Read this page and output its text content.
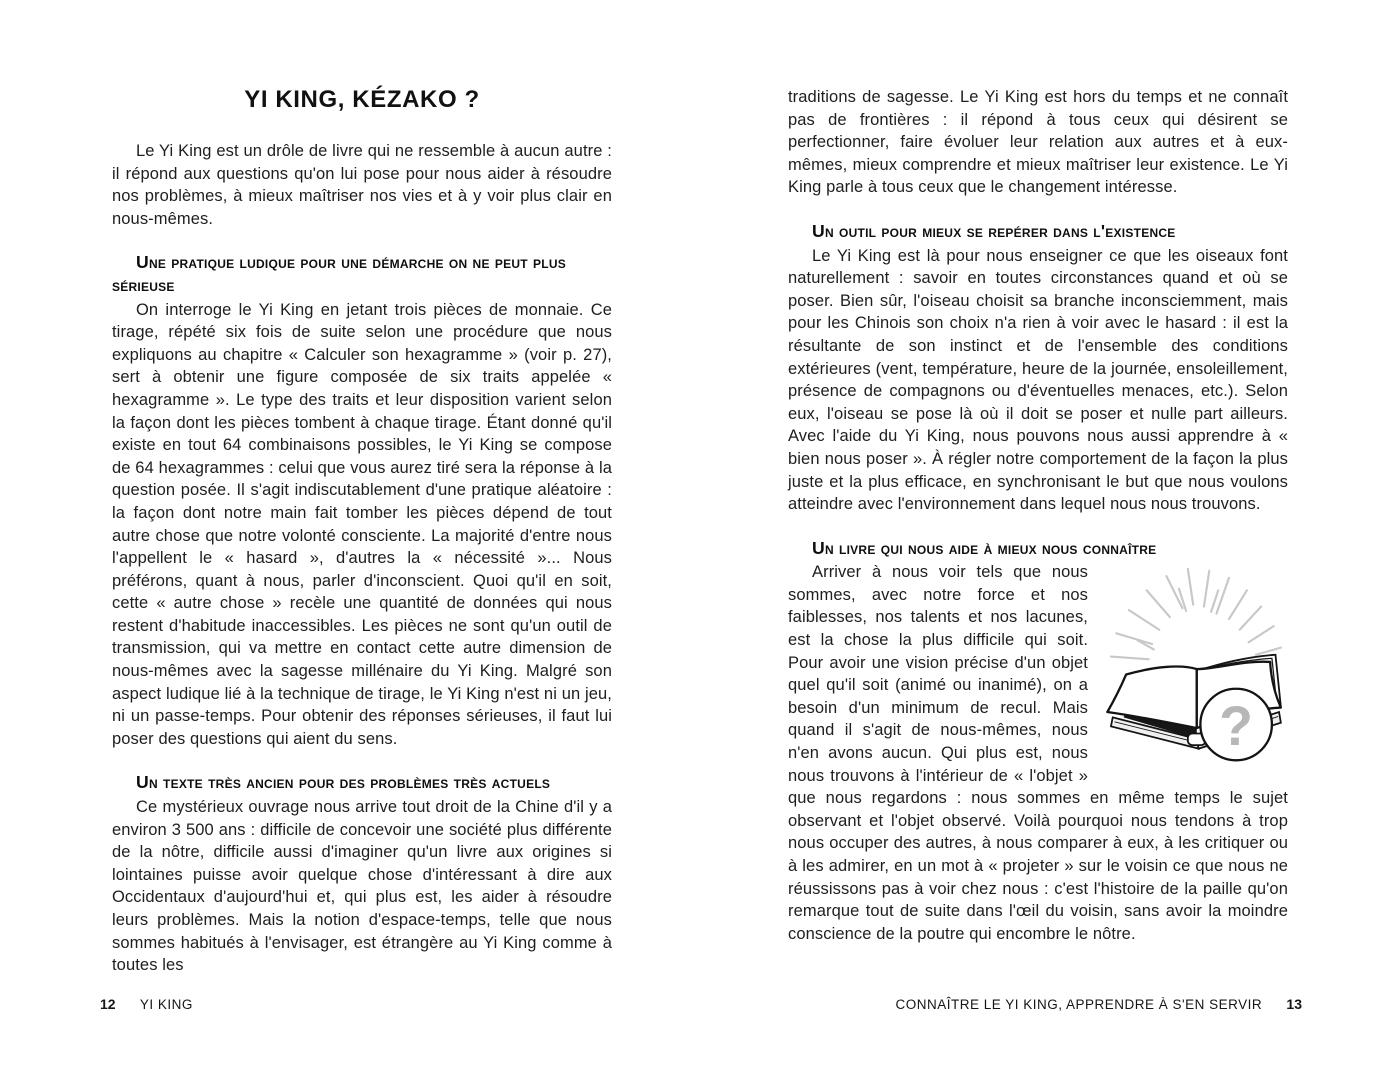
YI KING, KÉZAKO ?

Le Yi King est un drôle de livre qui ne ressemble à aucun autre : il répond aux questions qu'on lui pose pour nous aider à résoudre nos problèmes, à mieux maîtriser nos vies et à y voir plus clair en nous-mêmes.

Une pratique ludique pour une démarche on ne peut plus sérieuse

On interroge le Yi King en jetant trois pièces de monnaie. Ce tirage, répété six fois de suite selon une procédure que nous expliquons au chapitre « Calculer son hexagramme » (voir p. 27), sert à obtenir une figure composée de six traits appelée « hexagramme ». Le type des traits et leur disposition varient selon la façon dont les pièces tombent à chaque tirage. Étant donné qu'il existe en tout 64 combinaisons possibles, le Yi King se compose de 64 hexagrammes : celui que vous aurez tiré sera la réponse à la question posée. Il s'agit indiscutablement d'une pratique aléatoire : la façon dont notre main fait tomber les pièces dépend de tout autre chose que notre volonté consciente. La majorité d'entre nous l'appellent le « hasard », d'autres la « nécessité »... Nous préférons, quant à nous, parler d'inconscient. Quoi qu'il en soit, cette « autre chose » recèle une quantité de données qui nous restent d'habitude inaccessibles. Les pièces ne sont qu'un outil de transmission, qui va mettre en contact cette autre dimension de nous-mêmes avec la sagesse millénaire du Yi King. Malgré son aspect ludique lié à la technique de tirage, le Yi King n'est ni un jeu, ni un passe-temps. Pour obtenir des réponses sérieuses, il faut lui poser des questions qui aient du sens.

Un texte très ancien pour des problèmes très actuels

Ce mystérieux ouvrage nous arrive tout droit de la Chine d'il y a environ 3 500 ans : difficile de concevoir une société plus différente de la nôtre, difficile aussi d'imaginer qu'un livre aux origines si lointaines puisse avoir quelque chose d'intéressant à dire aux Occidentaux d'aujourd'hui et, qui plus est, les aider à résoudre leurs problèmes. Mais la notion d'espace-temps, telle que nous sommes habitués à l'envisager, est étrangère au Yi King comme à toutes les

traditions de sagesse. Le Yi King est hors du temps et ne connaît pas de frontières : il répond à tous ceux qui désirent se perfectionner, faire évoluer leur relation aux autres et à eux-mêmes, mieux comprendre et mieux maîtriser leur existence. Le Yi King parle à tous ceux que le changement intéresse.

Un outil pour mieux se repérer dans l'existence

Le Yi King est là pour nous enseigner ce que les oiseaux font naturellement : savoir en toutes circonstances quand et où se poser. Bien sûr, l'oiseau choisit sa branche inconsciemment, mais pour les Chinois son choix n'a rien à voir avec le hasard : il est la résultante de son instinct et de l'ensemble des conditions extérieures (vent, température, heure de la journée, ensoleillement, présence de compagnons ou d'éventuelles menaces, etc.). Selon eux, l'oiseau se pose là où il doit se poser et nulle part ailleurs. Avec l'aide du Yi King, nous pouvons nous aussi apprendre à « bien nous poser ». À régler notre comportement de la façon la plus juste et la plus efficace, en synchronisant le but que nous voulons atteindre avec l'environnement dans lequel nous nous trouvons.

Un livre qui nous aide à mieux nous connaître

?
Arriver à nous voir tels que nous sommes, avec notre force et nos faiblesses, nos talents et nos lacunes, est la chose la plus difficile qui soit. Pour avoir une vision précise d'un objet quel qu'il soit (animé ou inanimé), on a besoin d'un minimum de recul. Mais quand il s'agit de nous-mêmes, nous n'en avons aucun. Qui plus est, nous nous trouvons à l'intérieur de « l'objet » que nous regardons : nous sommes en même temps le sujet observant et l'objet observé. Voilà pourquoi nous tendons à trop nous occuper des autres, à nous comparer à eux, à les critiquer ou à les admirer, en un mot à « projeter » sur le voisin ce que nous ne réussissons pas à voir chez nous : c'est l'histoire de la paille qu'on remarque tout de suite dans l'œil du voisin, sans avoir la moindre conscience de la poutre qui encombre le nôtre.

12 YI KING	CONNAÎTRE LE YI KING, APPRENDRE À S'EN SERVIR 13
